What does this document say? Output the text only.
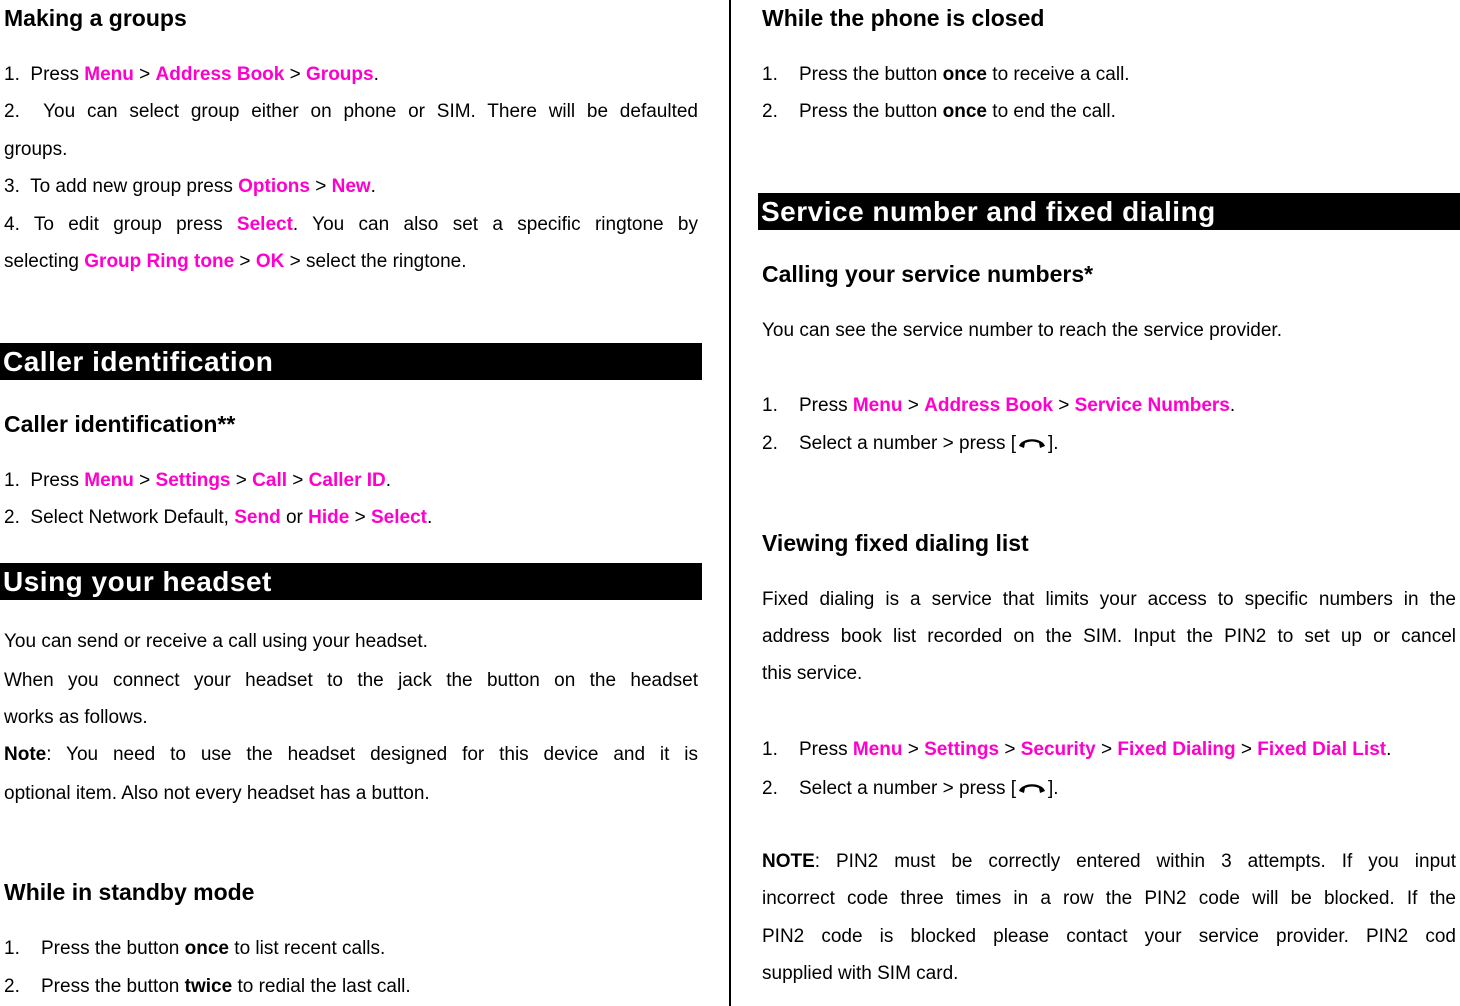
Making a groups
1. Press Menu > Address Book > Groups.
2. You can select group either on phone or SIM. There will be defaulted
groups.
3. To add new group press Options > New.
4. To edit group press Select. You can also set a specific ringtone by
selecting Group Ring tone > OK > select the ringtone.
Caller identification
Caller identification**
1. Press Menu > Settings > Call > Caller ID.
2. Select Network Default, Send or Hide > Select.
Using your headset
You can send or receive a call using your headset.
When you connect your headset to the jack the button on the headset
works as follows.
Note: You need to use the headset designed for this device and it is
optional item. Also not every headset has a button.
While in standby mode
1. Press the button once to list recent calls.
2. Press the button twice to redial the last call.
While the phone is closed
1. Press the button once to receive a call.
2. Press the button once to end the call.
Service number and fixed dialing
Calling your service numbers*
You can see the service number to reach the service provider.
1. Press Menu > Address Book > Service Numbers.
2. Select a number > press [ ].
Viewing fixed dialing list
Fixed dialing is a service that limits your access to specific numbers in the
address book list recorded on the SIM. Input the PIN2 to set up or cancel
this service.
1. Press Menu > Settings > Security > Fixed Dialing > Fixed Dial List.
2. Select a number > press [ ].
NOTE: PIN2 must be correctly entered within 3 attempts. If you input
incorrect code three times in a row the PIN2 code will be blocked. If the
PIN2 code is blocked please contact your service provider. PIN2 cod
supplied with SIM card.
